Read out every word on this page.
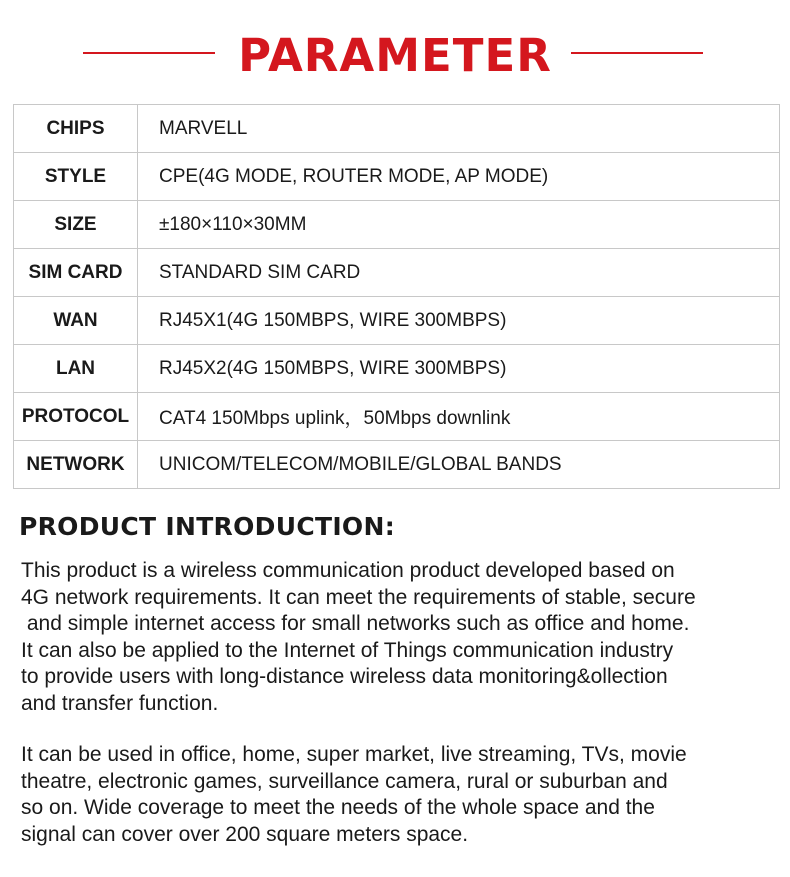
PARAMETER
CHIPS	MARVELL
STYLE	CPE(4G MODE, ROUTER MODE, AP MODE)
SIZE	±180×110×30MM
SIM CARD	STANDARD SIM CARD
WAN	RJ45X1(4G 150MBPS, WIRE 300MBPS)
LAN	RJ45X2(4G 150MBPS, WIRE 300MBPS)
PROTOCOL	CAT4 150Mbps uplink，50Mbps downlink
NETWORK	UNICOM/TELECOM/MOBILE/GLOBAL BANDS
PRODUCT INTRODUCTION:
This product is a wireless communication product developed based on
4G network requirements. It can meet the requirements of stable, secure
and simple internet access for small networks such as office and home.
It can also be applied to the Internet of Things communication industry
to provide users with long-distance wireless data monitoring&ollection
and transfer function.
It can be used in office, home, super market, live streaming, TVs, movie
theatre, electronic games, surveillance camera, rural or suburban and
so on. Wide coverage to meet the needs of the whole space and the
signal can cover over 200 square meters space.
